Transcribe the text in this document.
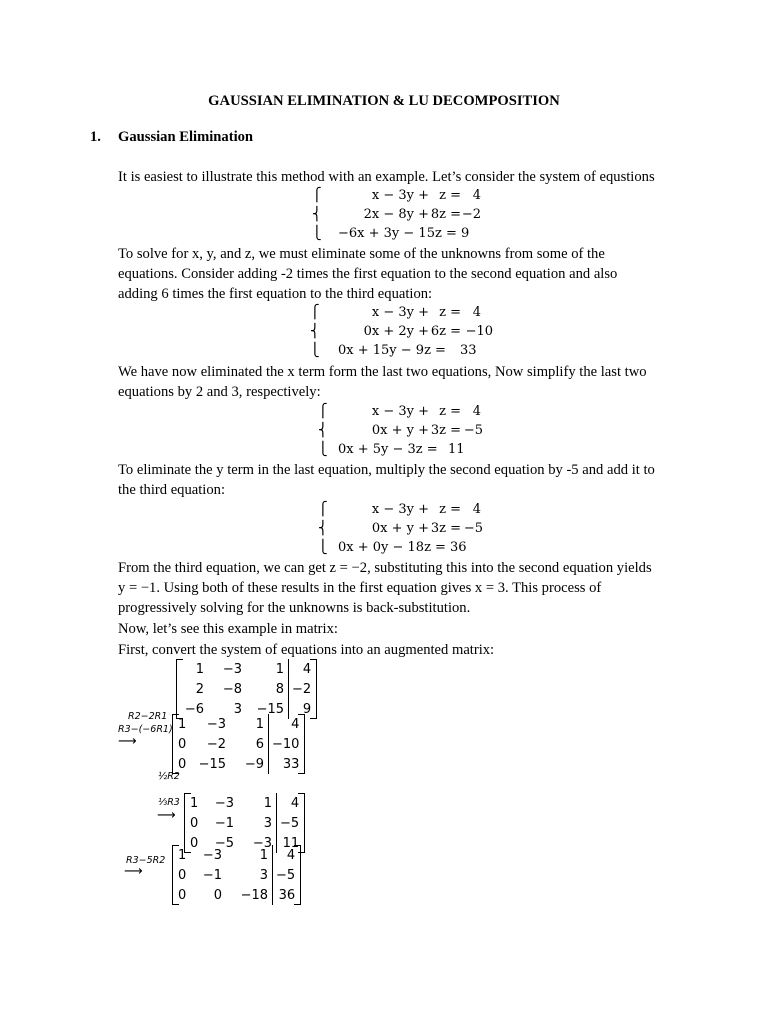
GAUSSIAN ELIMINATION & LU DECOMPOSITION
1. Gaussian Elimination
It is easiest to illustrate this method with an example. Let’s consider the system of equstions
⎧
⎨
⎩
x − 3y + z = 4
2x − 8y + 8z = −2
−6x + 3y − 15z = 9
To solve for x, y, and z, we must eliminate some of the unknowns from some of the
equations. Consider adding -2 times the first equation to the second equation and also
adding 6 times the first equation to the third equation:
⎧
⎨
⎩
x − 3y + z = 4
0x + 2y + 6z = −10
0x + 15y − 9z =	33
We have now eliminated the x term form the last two equations, Now simplify the last two
equations by 2 and 3, respectively:
⎧
⎨
⎩
x − 3y + z = 4
0x + y + 3z = −5
0x + 5y − 3z = 11
To eliminate the y term in the last equation, multiply the second equation by -5 and add it to
the third equation:
⎧
⎨
⎩
x − 3y + z = 4
0x + y + 3z = −5
0x + 0y − 18z = 36
From the third equation, we can get z = −2, substituting this into the second equation yields
y = −1. Using both of these results in the first equation gives x = 3. This process of
progressively solving for the unknowns is back-substitution.
Now, let’s see this example in matrix:
First, convert the system of equations into an augmented matrix:
1	−3	1	4
2	−8	8	−2
−6	3	−15	9
R2−2R1
R3−(−6R1)
⟶
1	−3	1	4
0	−2	6	−10
0	−15	−9	33
½R2
⅓R3
⟶
1	−3	1	4
0	−1	3	−5
0	−5	−3	11
R3−5R2
⟶
1	−3	1	4
0	−1	3	−5
0	0	−18	36
